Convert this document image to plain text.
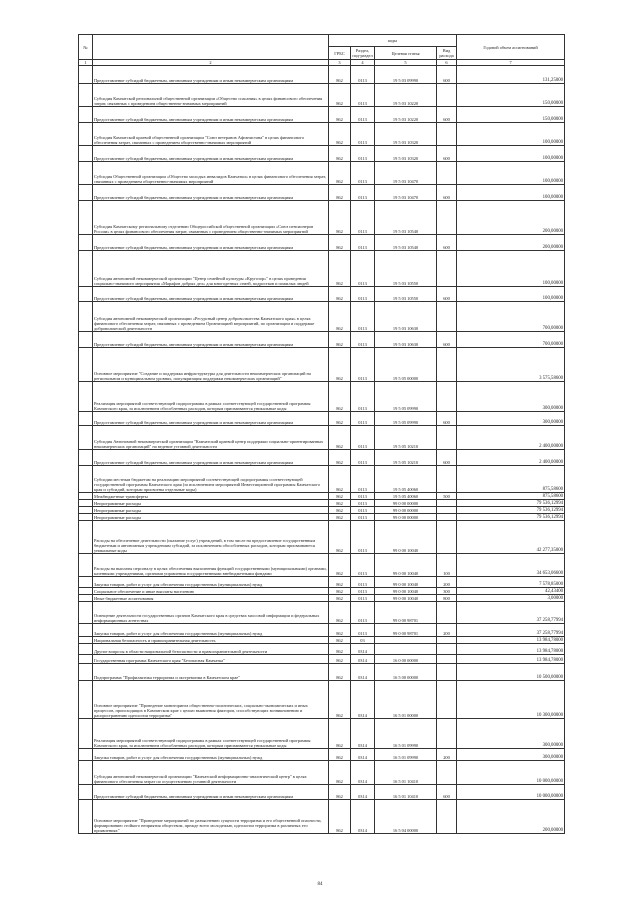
№		коды				Годовой объем ассигнований
		ГРБС	Раздел, под-раздел	Целевая статья	Вид расхода	
1	2	3	4	5	6	7
	Предоставление субсидий бюджетным, автономным учреждениям и иным некоммерческим организациям	862	0113	19 5 03 09990	600	131,25000
	Субсидия Камчатской региональной общественной организации «Общество спасания» в целях финансового обеспечения затрат, связанных с проведением общественно-значимых мероприятий	862	0113	19 5 03 10220		150,00000
	Предоставление субсидий бюджетным, автономным учреждениям и иным некоммерческим организациям	862	0113	19 5 03 10220	600	150,00000
	Субсидия Камчатской краевой общественной организации "Союз ветеранов Афганистана" в целях финансового обеспечения затрат, связанных с проведением общественно-значимых мероприятий	862	0113	19 5 03 10320		100,00000
	Предоставление субсидий бюджетным, автономным учреждениям и иным некоммерческим организациям	862	0113	19 5 03 10320	600	100,00000
	Субсидия Общественной организации «Общество молодых инвалидов Камчатки» в целях финансового обеспечения затрат, связанных с проведением общественно-значимых мероприятий	862	0113	19 5 03 10470		100,00000
	Предоставление субсидий бюджетным, автономным учреждениям и иным некоммерческим организациям	862	0113	19 5 03 10470	600	100,00000
	Субсидия Камчатскому региональному отделению Общероссийской общественной организации «Союз пенсионеров России» в целях финансового обеспечения затрат, связанных с проведением общественно-значимых мероприятий	862	0113	19 5 03 10540		200,00000
	Предоставление субсидий бюджетным, автономным учреждениям и иным некоммерческим организациям	862	0113	19 5 03 10540	600	200,00000
	Субсидия автономной некоммерческой организации "Центр семейной культуры «Кругозор»" в целях проведения социально-значимого мероприятия «Марафон добрых дел» для многодетных семей, подростков и пожилых людей	862	0113	19 5 03 10550		100,00000
	Предоставление субсидий бюджетным, автономным учреждениям и иным некоммерческим организациям	862	0113	19 5 03 10550	600	100,00000
	Субсидия автономной некоммерческой организации «Ресурсный центр добровольчества Камчатского края» в целях финансового обеспечения затрат, связанных с проведением Организацией мероприятий, по организации и поддержке добровольческой деятельности	862	0113	19 5 03 10630		700,00000
	Предоставление субсидий бюджетным, автономным учреждениям и иным некоммерческим организациям	862	0113	19 5 03 10630	600	700,00000
	Основное мероприятие "Создание и поддержка инфраструктуры для деятельности некоммерческих организаций на региональном и муниципальном уровнях, популяризация поддержки некоммерческих организаций"	862	0113	19 5 05 00000		3 575,58600
	Реализация мероприятий соответствующей подпрограммы в рамках соответствующей государственной программы Камчатского края, за исключением обособленных расходов, которым присваиваются уникальные коды	862	0113	19 5 05 09990		300,00000
	Предоставление субсидий бюджетным, автономным учреждениям и иным некоммерческим организациям	862	0113	19 5 05 09990	600	300,00000
	Субсидия Автономной некоммерческой организации "Камчатский краевой центр поддержки социально-ориентированных некоммерческих организаций" на ведение уставной деятельности	862	0113	19 5 05 10210		2 400,00000
	Предоставление субсидий бюджетным, автономным учреждениям и иным некоммерческим организациям	862	0113	19 5 05 10210	600	2 400,00000
	Субсидии местным бюджетам на реализацию мероприятий соответствующей подпрограммы соответствующей государственной программы Камчатского края (за исключением мероприятий Инвестиционной программы Камчатского края и субсидий, которым присвоены отдельные коды)	862	0113	19 5 05 40060		875,58600
	Межбюджетные трансферты	862	0113	19 5 05 40060	500	875,58600
	Непрограммные расходы	862	0113	99 0 00 00000		79 536,12994
	Непрограммные расходы	862	0113	99 0 00 00000		79 536,12994
	Непрограммные расходы	862	0113	99 0 00 00000		79 536,12994
	Расходы на обеспечение деятельности (оказание услуг) учреждений, в том числе на предоставление государственным бюджетным и автономным учреждениям субсидий, за исключением обособленных расходов, которым присваиваются уникальные коды	862	0113	99 0 00 10040		42 277,35000
	Расходы на выплаты персоналу в целях обеспечения выполнения функций государственными (муниципальными) органами, казенными учреждениями, органами управления государственными внебюджетными фондами	862	0113	99 0 00 10040	100	34 653,06600
	Закупка товаров, работ и услуг для обеспечения государственных (муниципальных) нужд	862	0113	99 0 00 10040	200	7 578,85000
	Социальное обеспечение и иные выплаты населению	862	0113	99 0 00 10040	300	42,43400
	Иные бюджетные ассигнования	862	0113	99 0 00 10040	800	3,00000
	Освещение деятельности государственных органов Камчатского края в средствах массовой информации и федеральных информационных агентствах	862	0113	99 0 00 98701		37 258,77994
	Закупка товаров, работ и услуг для обеспечения государственных (муниципальных) нужд	862	0113	99 0 00 98701	200	37 258,77994
	Национальная безопасность и правоохранительная деятельность	862	03			13 984,78000
	Другие вопросы в области национальной безопасности и правоохранительной деятельности	862	0314			13 984,78000
	Государственная программа Камчатского края "Безопасная Камчатка"	862	0314	16 0 00 00000		13 984,78000
	Подпрограмма "Профилактика терроризма и экстремизма в Камчатском крае"	862	0314	16 5 00 00000		10 500,00000
	Основное мероприятие "Проведение мониторинга общественно-политических, социально-экономических и иных процессов, происходящих в Камчатском крае с целью выявления факторов, способствующих возникновению и распространению идеологии терроризма"	862	0314	16 5 01 00000		10 300,00000
	Реализация мероприятий соответствующей подпрограммы в рамках соответствующей государственной программы Камчатского края, за исключением обособленных расходов, которым присваиваются уникальные коды	862	0314	16 5 01 09990		300,00000
	Закупка товаров, работ и услуг для обеспечения государственных (муниципальных) нужд	862	0314	16 5 01 09990	200	300,00000
	Субсидия автономной некоммерческой организации "Камчатский информационно-аналитический центр" в целях финансового обеспечения затрат по осуществлению уставной деятельности	862	0314	16 5 01 10410		10 000,00000
	Предоставление субсидий бюджетным, автономным учреждениям и иным некоммерческим организациям	862	0314	16 5 01 10410	600	10 000,00000
	Основное мероприятие "Проведение мероприятий по разъяснению сущности терроризма и его общественной опасности, формированию стойкого неприятия обществом, прежде всего молодежью, идеологии терроризма в различных его проявлениях"	862	0314	16 5 04 00000		200,00000
84
